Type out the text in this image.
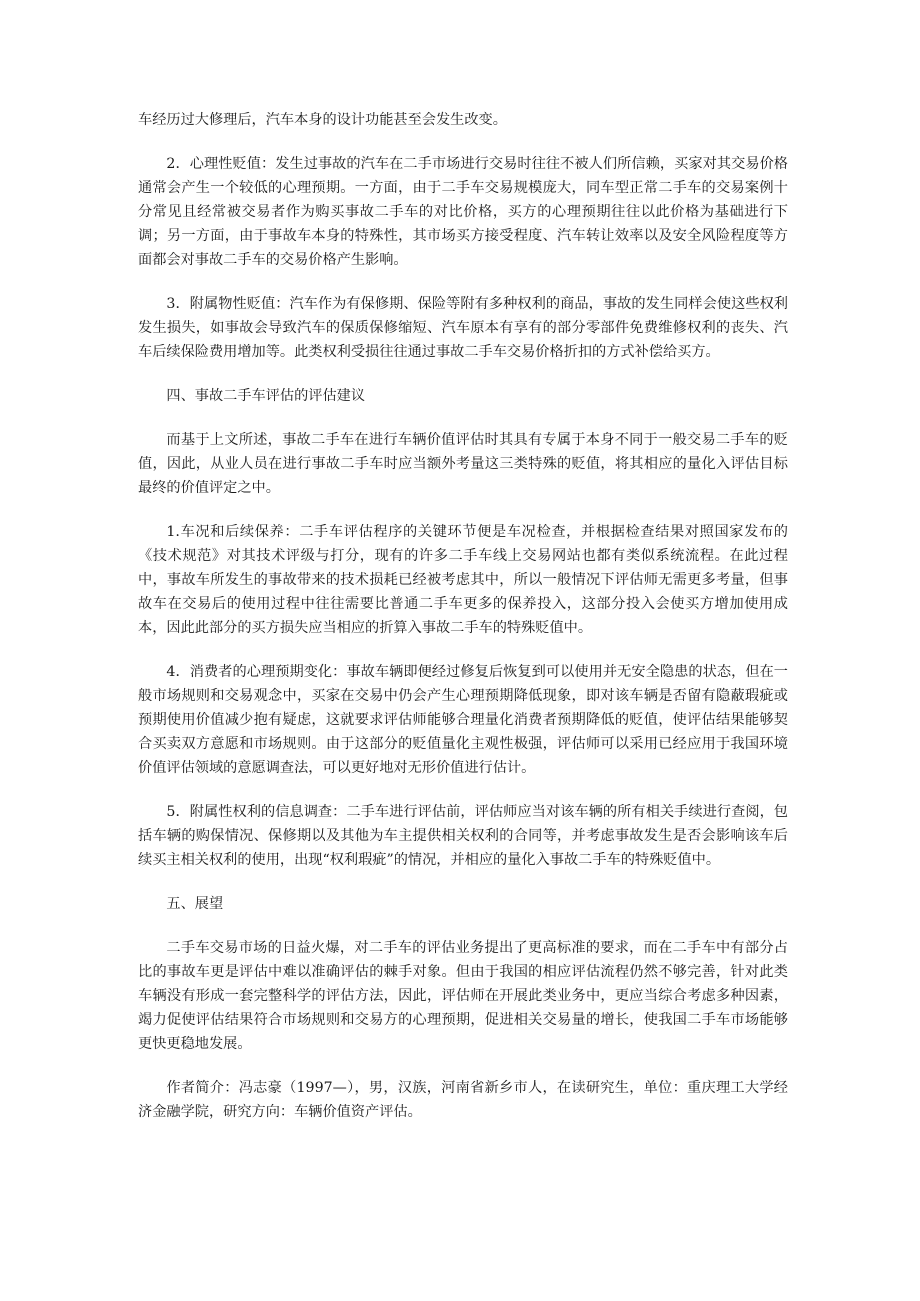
车经历过大修理后，汽车本身的设计功能甚至会发生改变。

2．心理性贬值：发生过事故的汽车在二手市场进行交易时往往不被人们所信赖，买家对其交易价格通常会产生一个较低的心理预期。一方面，由于二手车交易规模庞大，同车型正常二手车的交易案例十分常见且经常被交易者作为购买事故二手车的对比价格，买方的心理预期往往以此价格为基础进行下调；另一方面，由于事故车本身的特殊性，其市场买方接受程度、汽车转让效率以及安全风险程度等方面都会对事故二手车的交易价格产生影响。

3．附属物性贬值：汽车作为有保修期、保险等附有多种权利的商品，事故的发生同样会使这些权利发生损失，如事故会导致汽车的保质保修缩短、汽车原本有享有的部分零部件免费维修权利的丧失、汽车后续保险费用增加等。此类权利受损往往通过事故二手车交易价格折扣的方式补偿给买方。

四、事故二手车评估的评估建议

而基于上文所述，事故二手车在进行车辆价值评估时其具有专属于本身不同于一般交易二手车的贬值，因此，从业人员在进行事故二手车时应当额外考量这三类特殊的贬值，将其相应的量化入评估目标最终的价值评定之中。

1.车况和后续保养：二手车评估程序的关键环节便是车况检查，并根据检查结果对照国家发布的《技术规范》对其技术评级与打分，现有的许多二手车线上交易网站也都有类似系统流程。在此过程中，事故车所发生的事故带来的技术损耗已经被考虑其中，所以一般情况下评估师无需更多考量，但事故车在交易后的使用过程中往往需要比普通二手车更多的保养投入，这部分投入会使买方增加使用成本，因此此部分的买方损失应当相应的折算入事故二手车的特殊贬值中。

4．消费者的心理预期变化：事故车辆即便经过修复后恢复到可以使用并无安全隐患的状态，但在一般市场规则和交易观念中，买家在交易中仍会产生心理预期降低现象，即对该车辆是否留有隐蔽瑕疵或预期使用价值减少抱有疑虑，这就要求评估师能够合理量化消费者预期降低的贬值，使评估结果能够契合买卖双方意愿和市场规则。由于这部分的贬值量化主观性极强，评估师可以采用已经应用于我国环境价值评估领域的意愿调查法，可以更好地对无形价值进行估计。

5．附属性权利的信息调查：二手车进行评估前，评估师应当对该车辆的所有相关手续进行查阅，包括车辆的购保情况、保修期以及其他为车主提供相关权利的合同等，并考虑事故发生是否会影响该车后续买主相关权利的使用，出现“权利瑕疵”的情况，并相应的量化入事故二手车的特殊贬值中。

五、展望

二手车交易市场的日益火爆，对二手车的评估业务提出了更高标准的要求，而在二手车中有部分占比的事故车更是评估中难以准确评估的棘手对象。但由于我国的相应评估流程仍然不够完善，针对此类车辆没有形成一套完整科学的评估方法，因此，评估师在开展此类业务中，更应当综合考虑多种因素，竭力促使评估结果符合市场规则和交易方的心理预期，促进相关交易量的增长，使我国二手车市场能够更快更稳地发展。

作者简介：冯志豪（1997—），男，汉族，河南省新乡市人，在读研究生，单位：重庆理工大学经济金融学院，研究方向：车辆价值资产评估。
